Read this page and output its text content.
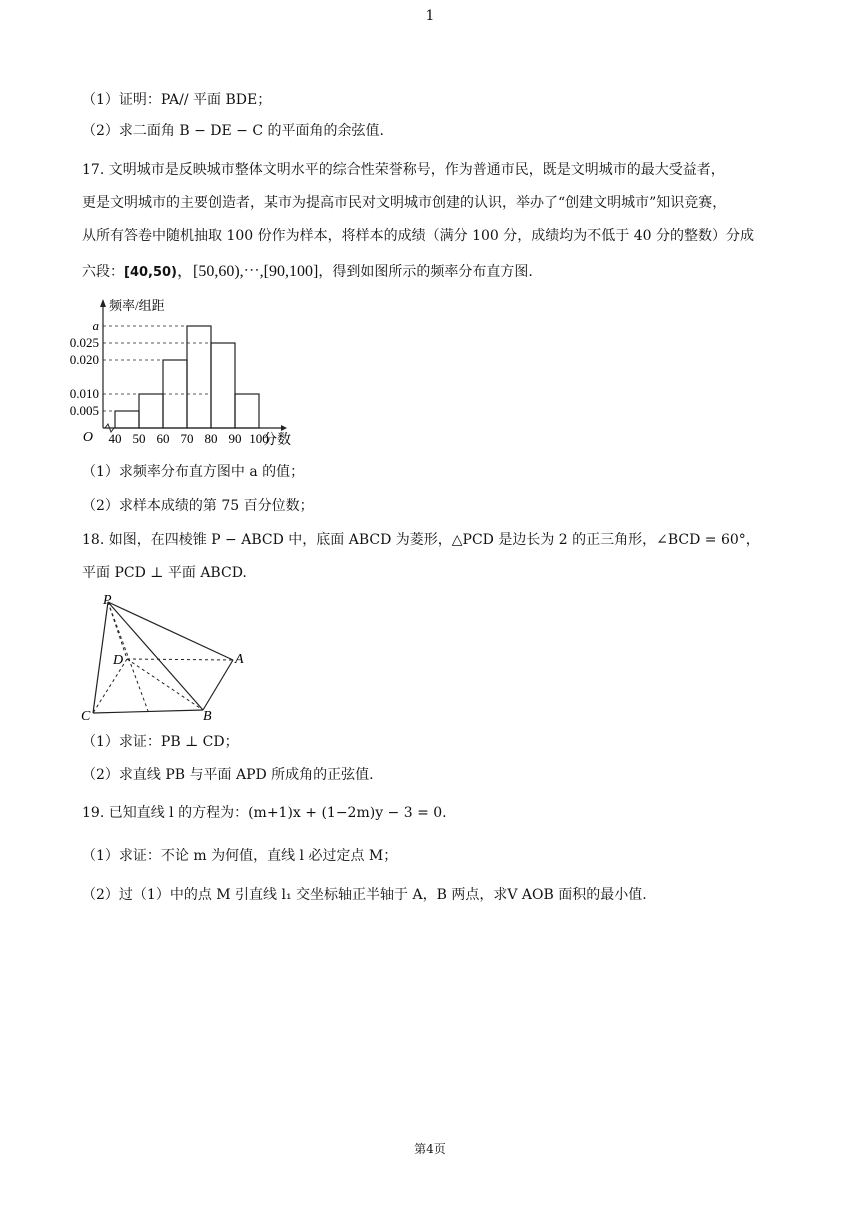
1
（1）证明：PA// 平面 BDE；
（2）求二面角 B − DE − C 的平面角的余弦值.
17. 文明城市是反映城市整体文明水平的综合性荣誉称号，作为普通市民，既是文明城市的最大受益者，
更是文明城市的主要创造者，某市为提高市民对文明城市创建的认识，举办了“创建文明城市”知识竞赛，
从所有答卷中随机抽取 100 份作为样本，将样本的成绩（满分 100 分，成绩均为不低于 40 分的整数）分成
六段：[40,50)，[50,60),⋯,[90,100]，得到如图所示的频率分布直方图.
a
0.025
0.020
0.010
0.005
40 50 60 70 80 90 100
O
频率/组距
分数
（1）求频率分布直方图中 a 的值；
（2）求样本成绩的第 75 百分位数；
18. 如图，在四棱锥 P − ABCD 中，底面 ABCD 为菱形，△PCD 是边长为 2 的正三角形，∠BCD = 60°，
平面 PCD ⊥ 平面 ABCD.
P
D	A
C	B
（1）求证：PB ⊥ CD；
（2）求直线 PB 与平面 APD 所成角的正弦值.
19. 已知直线 l 的方程为：(m+1)x + (1−2m)y − 3 = 0.
（1）求证：不论 m 为何值，直线 l 必过定点 M；
（2）过（1）中的点 M 引直线 l₁ 交坐标轴正半轴于 A，B 两点，求V AOB 面积的最小值.
第4页
